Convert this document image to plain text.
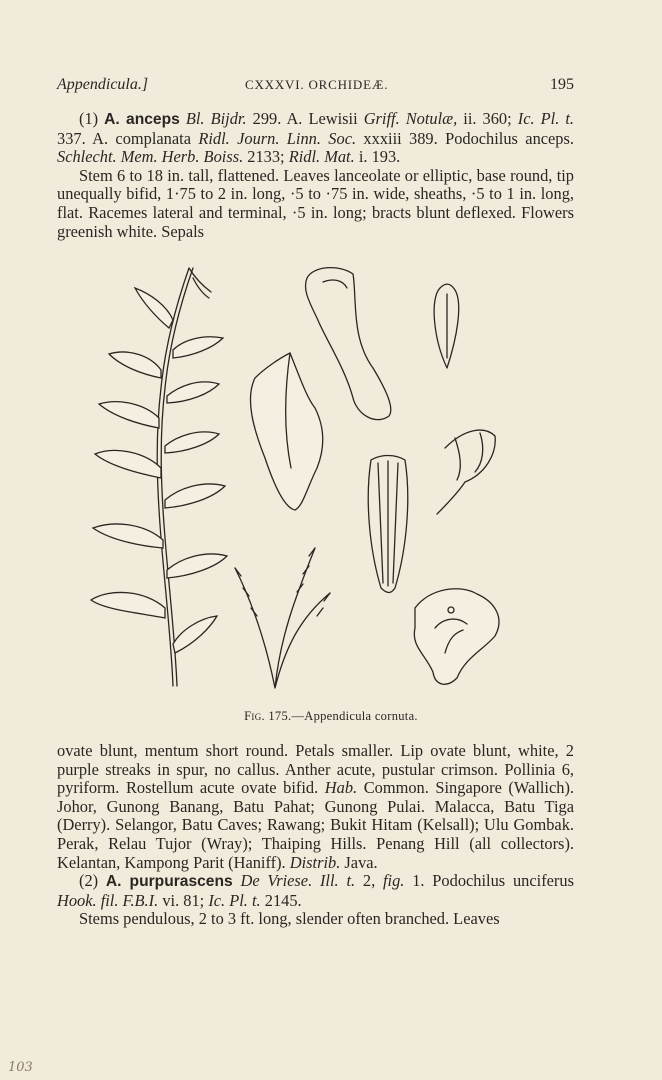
Appendicula.]	CXXXVI. ORCHIDEÆ.	195

(1) A. anceps Bl. Bijdr. 299. A. Lewisii Griff. Notulæ, ii. 360; Ic. Pl. t. 337. A. complanata Ridl. Journ. Linn. Soc. xxxiii 389. Podochilus anceps. Schlecht. Mem. Herb. Boiss. 2133; Ridl. Mat. i. 193.

Stem 6 to 18 in. tall, flattened. Leaves lanceolate or elliptic, base round, tip unequally bifid, 1·75 to 2 in. long, ·5 to ·75 in. wide, sheaths, ·5 to 1 in. long, flat. Racemes lateral and terminal, ·5 in. long; bracts blunt deflexed. Flowers greenish white. Sepals

Fig. 175.—Appendicula cornuta.

ovate blunt, mentum short round. Petals smaller. Lip ovate blunt, white, 2 purple streaks in spur, no callus. Anther acute, pustular crimson. Pollinia 6, pyriform. Rostellum acute ovate bifid. Hab. Common. Singapore (Wallich). Johor, Gunong Banang, Batu Pahat; Gunong Pulai. Malacca, Batu Tiga (Derry). Selangor, Batu Caves; Rawang; Bukit Hitam (Kelsall); Ulu Gombak. Perak, Relau Tujor (Wray); Thaiping Hills. Penang Hill (all collectors). Kelantan, Kampong Parit (Haniff). Distrib. Java.

(2) A. purpurascens De Vriese. Ill. t. 2, fig. 1. Podochilus unciferus Hook. fil. F.B.I. vi. 81; Ic. Pl. t. 2145.

Stems pendulous, 2 to 3 ft. long, slender often branched. Leaves

103
